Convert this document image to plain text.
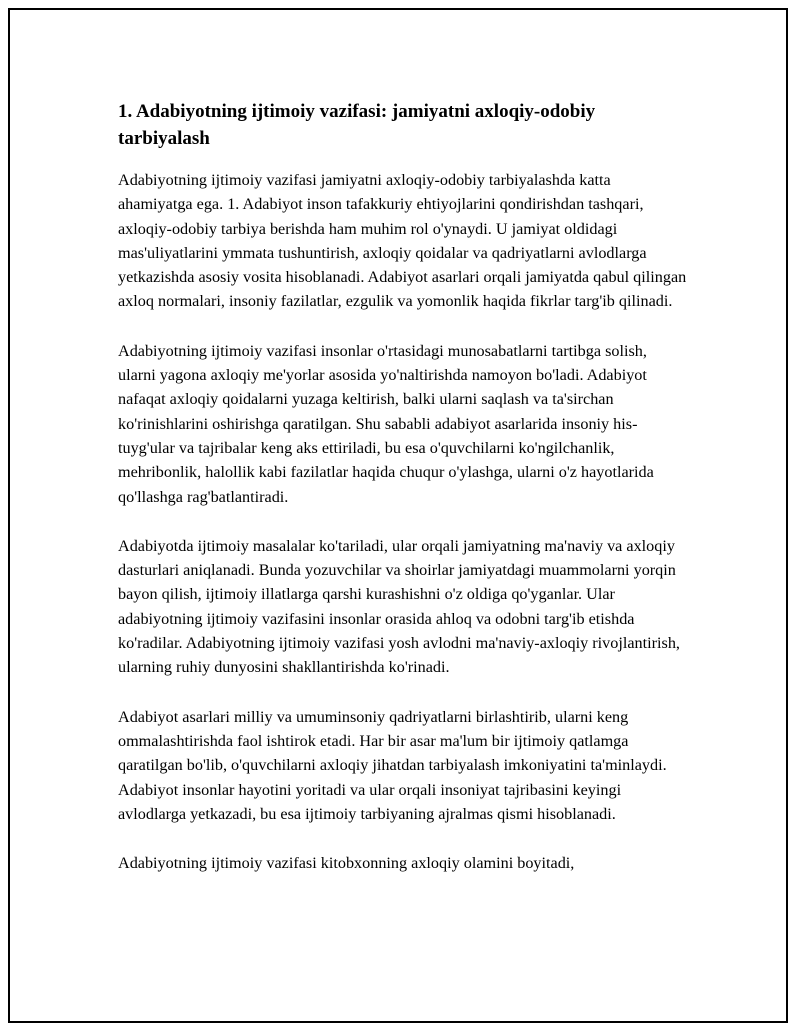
1. Adabiyotning ijtimoiy vazifasi: jamiyatni axloqiy-odobiy tarbiyalash

Adabiyotning ijtimoiy vazifasi jamiyatni axloqiy-odobiy tarbiyalashda katta ahamiyatga ega. 1. Adabiyot inson tafakkuriy ehtiyojlarini qondirishdan tashqari, axloqiy-odobiy tarbiya berishda ham muhim rol o'ynaydi. U jamiyat oldidagi mas'uliyatlarini ymmata tushuntirish, axloqiy qoidalar va qadriyatlarni avlodlarga yetkazishda asosiy vosita hisoblanadi. Adabiyot asarlari orqali jamiyatda qabul qilingan axloq normalari, insoniy fazilatlar, ezgulik va yomonlik haqida fikrlar targ'ib qilinadi.

Adabiyotning ijtimoiy vazifasi insonlar o'rtasidagi munosabatlarni tartibga solish, ularni yagona axloqiy me'yorlar asosida yo'naltirishda namoyon bo'ladi. Adabiyot nafaqat axloqiy qoidalarni yuzaga keltirish, balki ularni saqlash va ta'sirchan ko'rinishlarini oshirishga qaratilgan. Shu sababli adabiyot asarlarida insoniy his-tuyg'ular va tajribalar keng aks ettiriladi, bu esa o'quvchilarni ko'ngilchanlik, mehribonlik, halollik kabi fazilatlar haqida chuqur o'ylashga, ularni o'z hayotlarida qo'llashga rag'batlantiradi.

Adabiyotda ijtimoiy masalalar ko'tariladi, ular orqali jamiyatning ma'naviy va axloqiy dasturlari aniqlanadi. Bunda yozuvchilar va shoirlar jamiyatdagi muammolarni yorqin bayon qilish, ijtimoiy illatlarga qarshi kurashishni o'z oldiga qo'yganlar. Ular adabiyotning ijtimoiy vazifasini insonlar orasida ahloq va odobni targ'ib etishda ko'radilar. Adabiyotning ijtimoiy vazifasi yosh avlodni ma'naviy-axloqiy rivojlantirish, ularning ruhiy dunyosini shakllantirishda ko'rinadi.

Adabiyot asarlari milliy va umuminsoniy qadriyatlarni birlashtirib, ularni keng ommalashtirishda faol ishtirok etadi. Har bir asar ma'lum bir ijtimoiy qatlamga qaratilgan bo'lib, o'quvchilarni axloqiy jihatdan tarbiyalash imkoniyatini ta'minlaydi. Adabiyot insonlar hayotini yoritadi va ular orqali insoniyat tajribasini keyingi avlodlarga yetkazadi, bu esa ijtimoiy tarbiyaning ajralmas qismi hisoblanadi.

Adabiyotning ijtimoiy vazifasi kitobxonning axloqiy olamini boyitadi,
